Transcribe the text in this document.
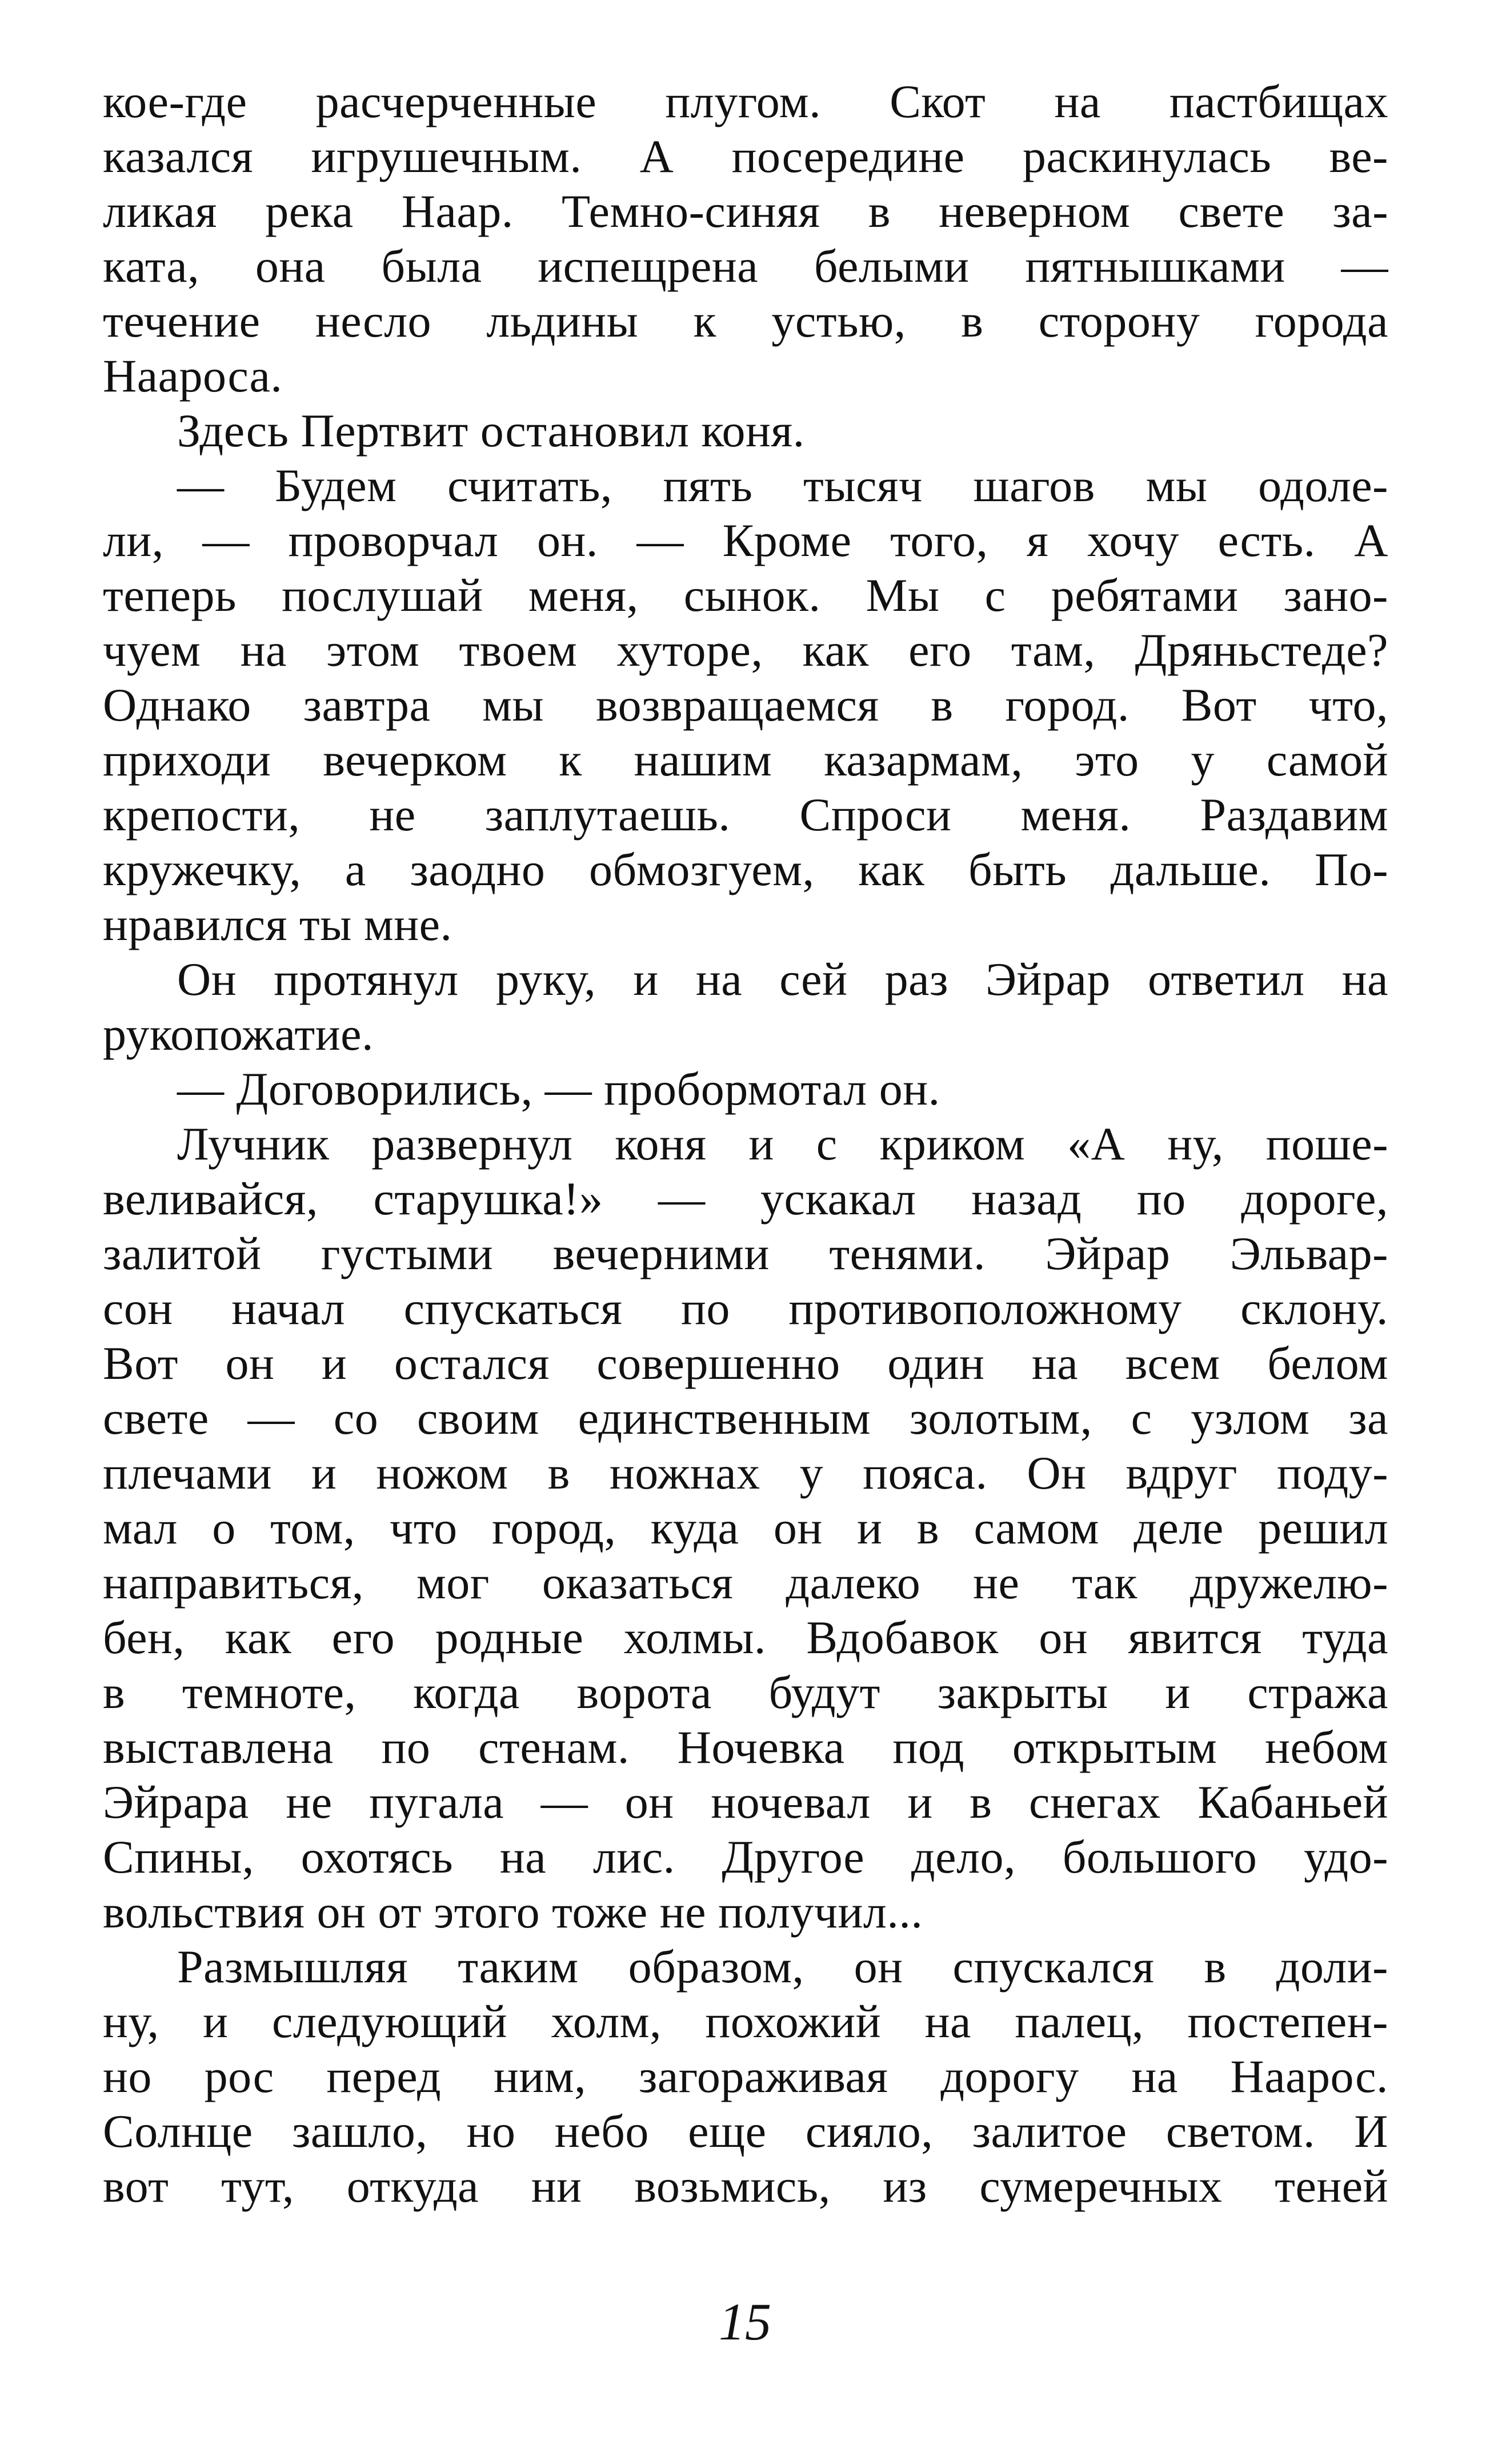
кое-где расчерченные плугом. Скот на пастбищах
казался игрушечным. А посередине раскинулась ве-
ликая река Наар. Темно-синяя в неверном свете за-
ката, она была испещрена белыми пятнышками —
течение несло льдины к устью, в сторону города
Наароса.
Здесь Пертвит остановил коня.
— Будем считать, пять тысяч шагов мы одоле-
ли, — проворчал он. — Кроме того, я хочу есть. А
теперь послушай меня, сынок. Мы с ребятами зано-
чуем на этом твоем хуторе, как его там, Дряньстеде?
Однако завтра мы возвращаемся в город. Вот что,
приходи вечерком к нашим казармам, это у самой
крепости, не заплутаешь. Спроси меня. Раздавим
кружечку, а заодно обмозгуем, как быть дальше. По-
нравился ты мне.
Он протянул руку, и на сей раз Эйрар ответил на
рукопожатие.
— Договорились, — пробормотал он.
Лучник развернул коня и с криком «А ну, поше-
веливайся, старушка!» — ускакал назад по дороге,
залитой густыми вечерними тенями. Эйрар Эльвар-
сон начал спускаться по противоположному склону.
Вот он и остался совершенно один на всем белом
свете — со своим единственным золотым, с узлом за
плечами и ножом в ножнах у пояса. Он вдруг поду-
мал о том, что город, куда он и в самом деле решил
направиться, мог оказаться далеко не так дружелю-
бен, как его родные холмы. Вдобавок он явится туда
в темноте, когда ворота будут закрыты и стража
выставлена по стенам. Ночевка под открытым небом
Эйрара не пугала — он ночевал и в снегах Кабаньей
Спины, охотясь на лис. Другое дело, большого удо-
вольствия он от этого тоже не получил...
Размышляя таким образом, он спускался в доли-
ну, и следующий холм, похожий на палец, постепен-
но рос перед ним, загораживая дорогу на Наарос.
Солнце зашло, но небо еще сияло, залитое светом. И
вот тут, откуда ни возьмись, из сумеречных теней
15
